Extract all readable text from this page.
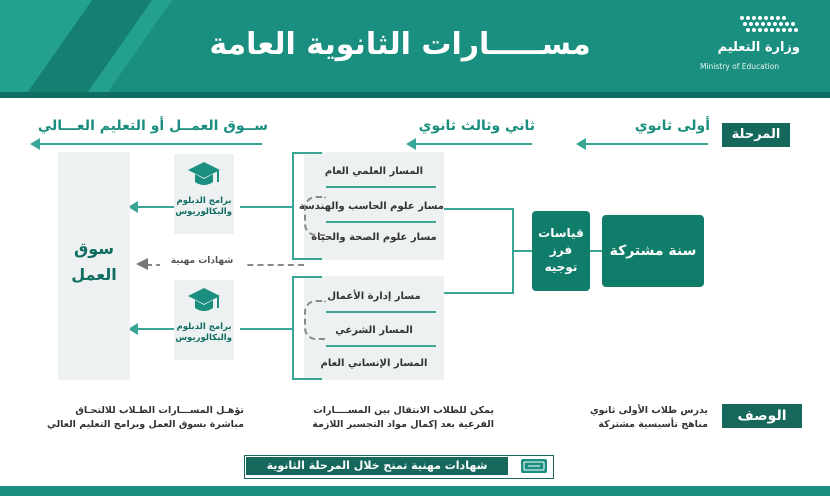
مســـــارات الثانوية العامة	وزارة التعليم
Ministry of Education
المرحلة
أولى ثانوي
ثاني وثالث ثانوي
ســوق العمــل أو التعليم العـــالي
سنة مشتركة
قياسات فرز توجيه
المسار العلمي العام
مسار علوم الحاسب والهندسة
مسار علوم الصحة والحياة
مسار إدارة الأعمال
المسار الشرعي
المسار الإنساني العام
برامج الدبلوم والبكالوريوس
برامج الدبلوم والبكالوريوس
شهادات مهنية
سوق العمل
الوصف
يدرس طلاب الأولى ثانوي
مناهج تأسيسية مشتركة
يمكن للطلاب الانتقال بين المســــارات
الفرعية بعد إكمال مواد التجسير اللازمة
تؤهـل المســـارات الطـلاب للالتحـاق
مباشرة بسوق العمل وبرامج التعليم العالي
شهادات مهنية تمنح خلال المرحلة الثانوية
